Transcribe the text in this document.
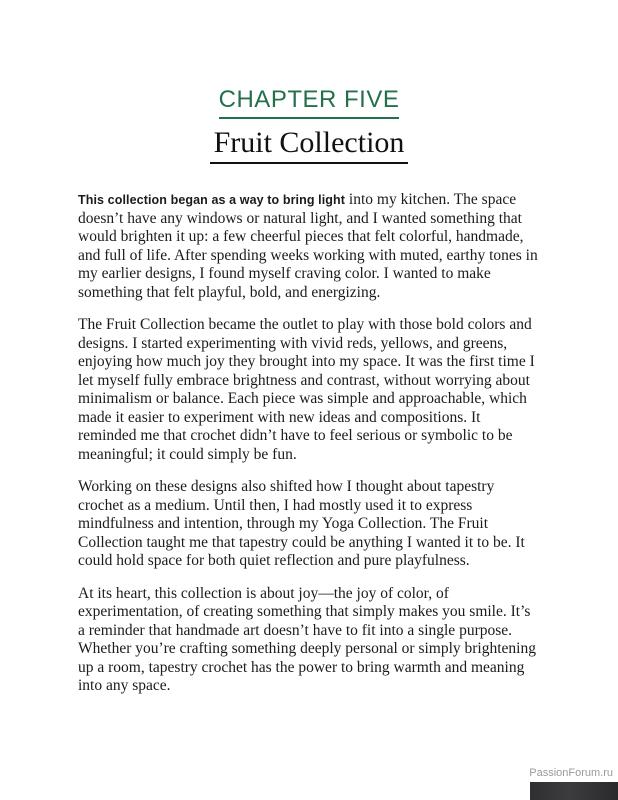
CHAPTER FIVE
Fruit Collection

This collection began as a way to bring light into my kitchen. The space doesn’t have any windows or natural light, and I wanted something that would brighten it up: a few cheerful pieces that felt colorful, handmade, and full of life. After spending weeks working with muted, earthy tones in my earlier designs, I found myself craving color. I wanted to make something that felt playful, bold, and energizing.

The Fruit Collection became the outlet to play with those bold colors and designs. I started experimenting with vivid reds, yellows, and greens, enjoying how much joy they brought into my space. It was the first time I let myself fully embrace brightness and contrast, without worrying about minimalism or balance. Each piece was simple and approachable, which made it easier to experiment with new ideas and compositions. It reminded me that crochet didn’t have to feel serious or symbolic to be meaningful; it could simply be fun.

Working on these designs also shifted how I thought about tapestry crochet as a medium. Until then, I had mostly used it to express mindfulness and intention, through my Yoga Collection. The Fruit Collection taught me that tapestry could be anything I wanted it to be. It could hold space for both quiet reflection and pure playfulness.

At its heart, this collection is about joy—the joy of color, of experimentation, of creating something that simply makes you smile. It’s a reminder that handmade art doesn’t have to fit into a single purpose. Whether you’re crafting something deeply personal or simply brightening up a room, tapestry crochet has the power to bring warmth and meaning into any space.

PassionForum.ru
